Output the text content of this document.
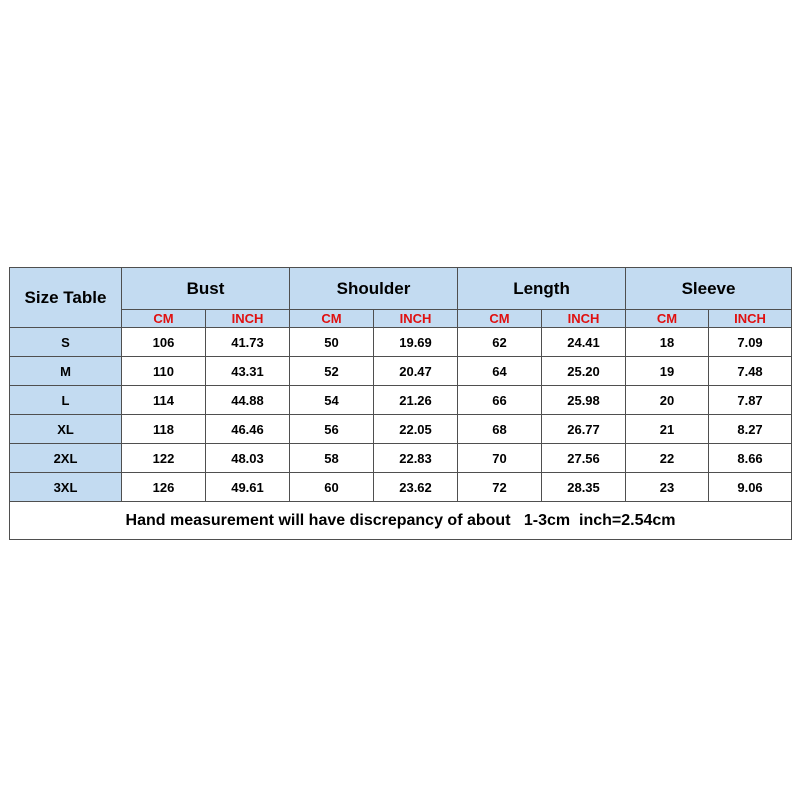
Size Table	Bust		Shoulder		Length		Sleeve	
	CM	INCH	CM	INCH	CM	INCH	CM	INCH
S	106	41.73	50	19.69	62	24.41	18	7.09
M	110	43.31	52	20.47	64	25.20	19	7.48
L	114	44.88	54	21.26	66	25.98	20	7.87
XL	118	46.46	56	22.05	68	26.77	21	8.27
2XL	122	48.03	58	22.83	70	27.56	22	8.66
3XL	126	49.61	60	23.62	72	28.35	23	9.06
Hand measurement will have discrepancy of about   1-3cm  inch=2.54cm								
